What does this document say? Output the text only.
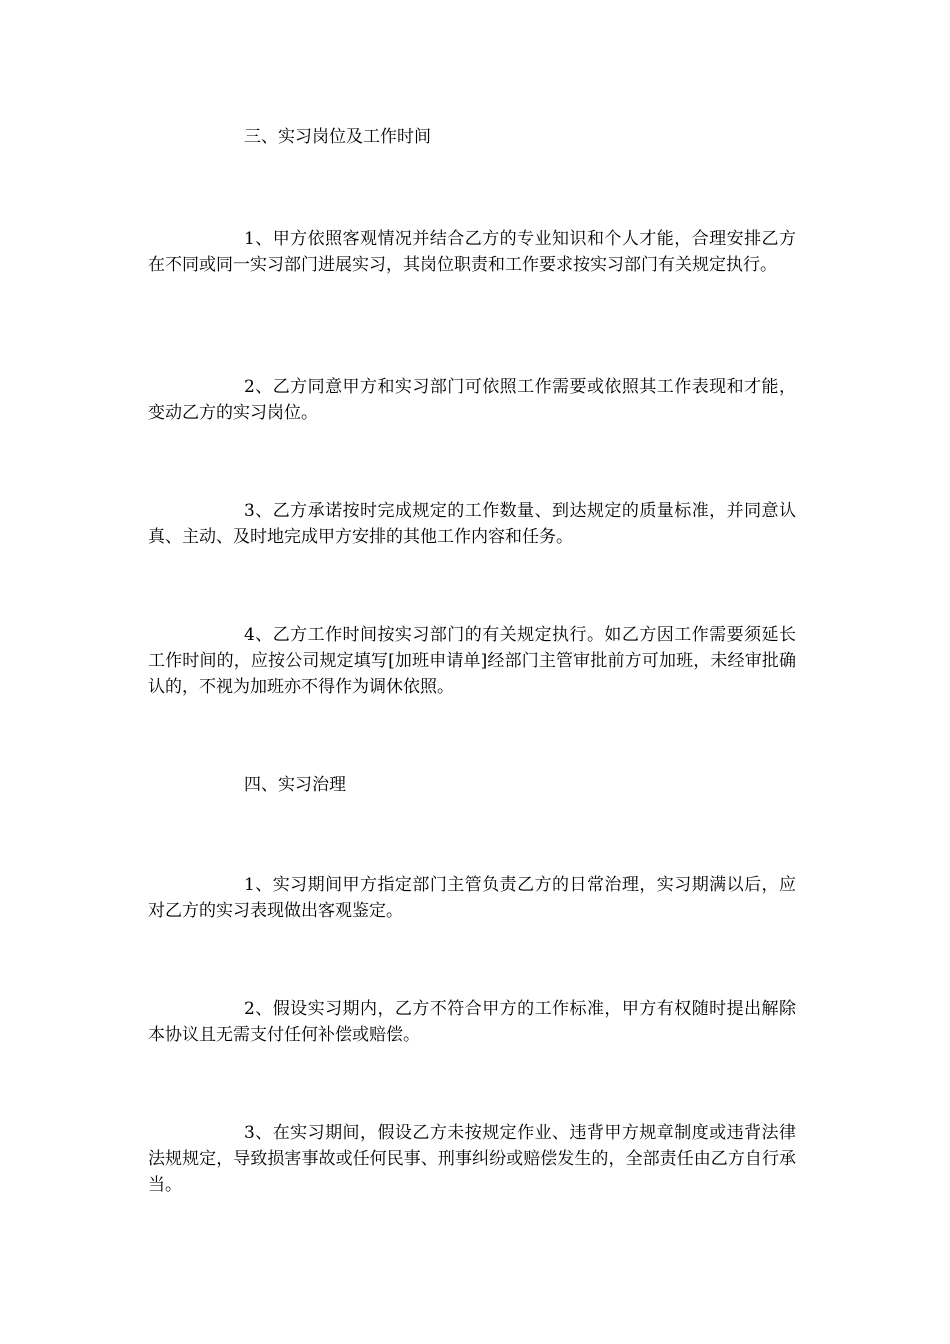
三、实习岗位及工作时间

1、甲方依照客观情况并结合乙方的专业知识和个人才能，合理安排乙方在不同或同一实习部门进展实习，其岗位职责和工作要求按实习部门有关规定执行。

2、乙方同意甲方和实习部门可依照工作需要或依照其工作表现和才能，变动乙方的实习岗位。

3、乙方承诺按时完成规定的工作数量、到达规定的质量标准，并同意认真、主动、及时地完成甲方安排的其他工作内容和任务。

4、乙方工作时间按实习部门的有关规定执行。如乙方因工作需要须延长工作时间的，应按公司规定填写[加班申请单]经部门主管审批前方可加班，未经审批确认的，不视为加班亦不得作为调休依照。

四、实习治理

1、实习期间甲方指定部门主管负责乙方的日常治理，实习期满以后，应对乙方的实习表现做出客观鉴定。

2、假设实习期内，乙方不符合甲方的工作标准，甲方有权随时提出解除本协议且无需支付任何补偿或赔偿。

3、在实习期间，假设乙方未按规定作业、违背甲方规章制度或违背法律法规规定，导致损害事故或任何民事、刑事纠纷或赔偿发生的，全部责任由乙方自行承当。
